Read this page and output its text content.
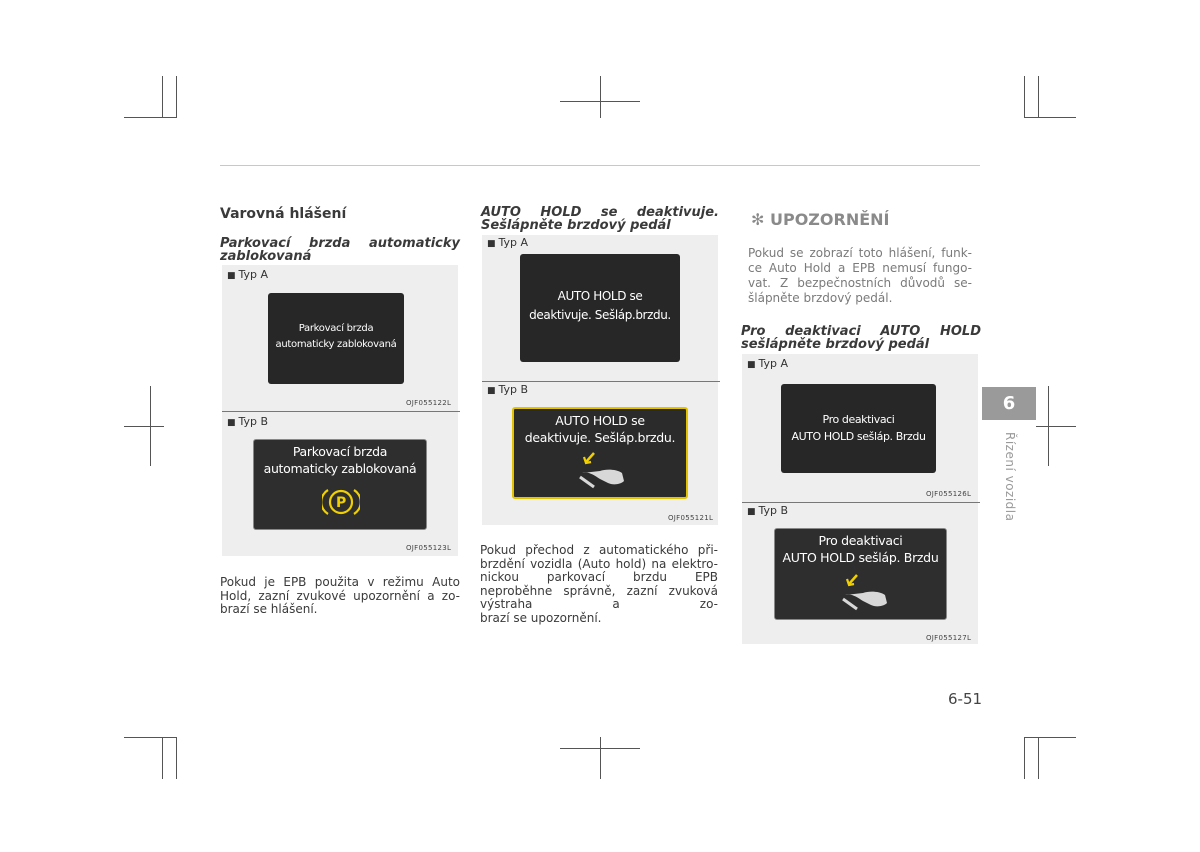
Varovná hlášení
Parkovací brzda automaticky
zablokovaná
■ Typ A
Parkovací brzda
automaticky zablokovaná
OJF055122L
■ Typ B
Parkovací brzda
automaticky zablokovaná
P
OJF055123L
Pokud je EPB použita v režimu Auto Hold, zazní zvukové upozornění a zo-
brazí se hlášení.
AUTO HOLD se deaktivuje.
Sešlápněte brzdový pedál
■ Typ A
AUTO HOLD se
deaktivuje. Sešláp.brzdu.
■ Typ B
AUTO HOLD se
deaktivuje. Sešláp.brzdu.
OJF055121L
Pokud přechod z automatického při- brzdění vozidla (Auto hold) na elektro- nickou parkovací brzdu EPB neproběhne správně, zazní zvuková výstraha a zo-
brazí se upozornění.
✻ UPOZORNĚNÍ
Pokud se zobrazí toto hlášení, funk- ce Auto Hold a EPB nemusí fungo- vat. Z bezpečnostních důvodů se-
šlápněte brzdový pedál.
Pro deaktivaci AUTO HOLD
sešlápněte brzdový pedál
■ Typ A
Pro deaktivaci
AUTO HOLD sešláp. Brzdu
OJF055126L
■ Typ B
Pro deaktivaci
AUTO HOLD sešláp. Brzdu
OJF055127L
6
Řízení vozidla
6-51
